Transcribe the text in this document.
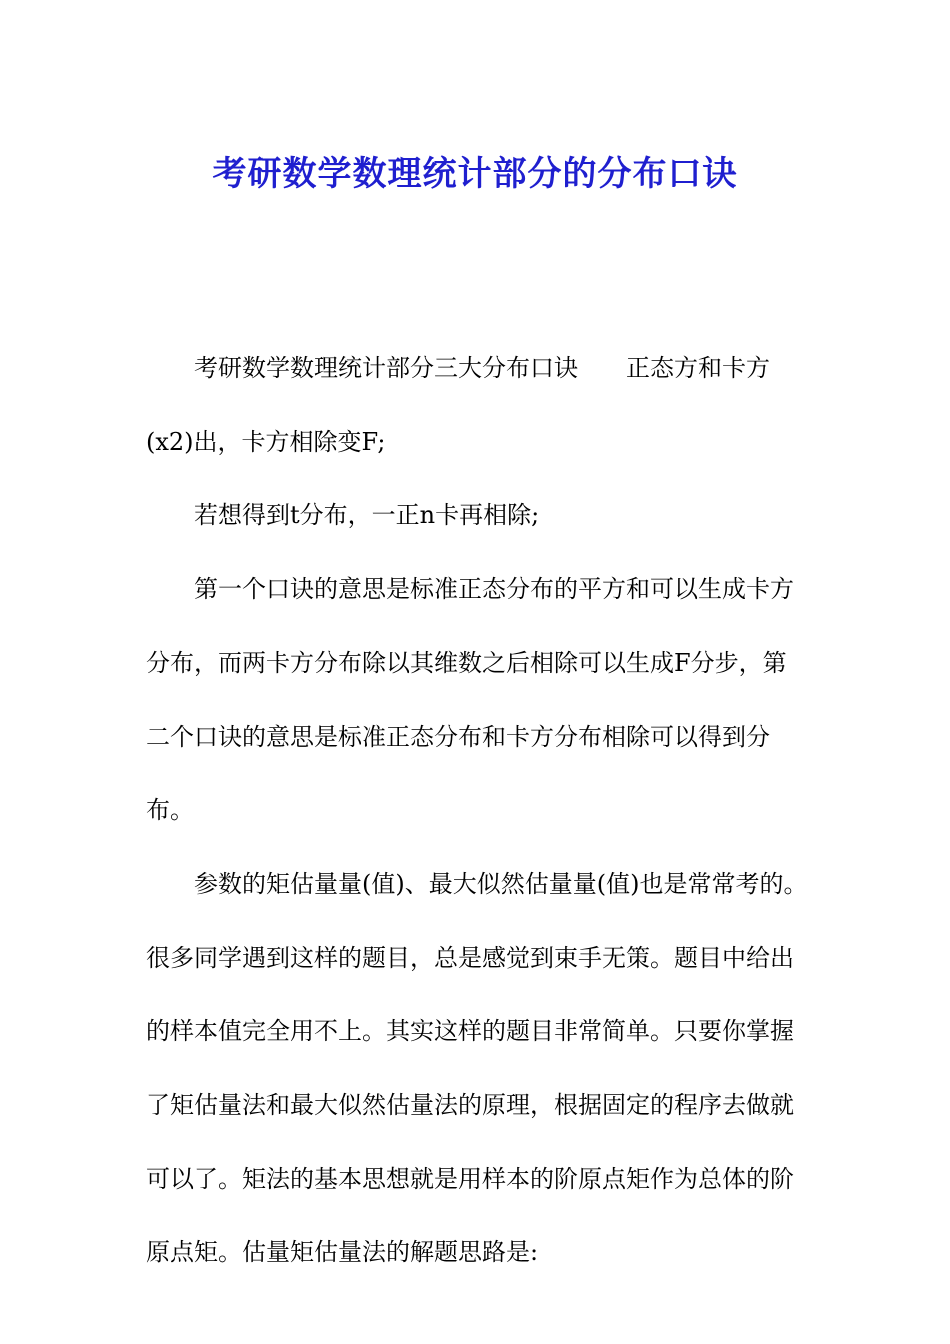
考研数学数理统计部分的分布口诀

考研数学数理统计部分三大分布口诀 正态方和卡方(x2)出，卡方相除变F;

若想得到t分布，一正n卡再相除;

第一个口诀的意思是标准正态分布的平方和可以生成卡方分布，而两卡方分布除以其维数之后相除可以生成F分步，第二个口诀的意思是标准正态分布和卡方分布相除可以得到分布。

参数的矩估量量(值)、最大似然估量量(值)也是常常考的。很多同学遇到这样的题目，总是感觉到束手无策。题目中给出的样本值完全用不上。其实这样的题目非常简单。只要你掌握了矩估量法和最大似然估量法的原理，根据固定的程序去做就可以了。矩法的基本思想就是用样本的阶原点矩作为总体的阶原点矩。估量矩估量法的解题思路是:
